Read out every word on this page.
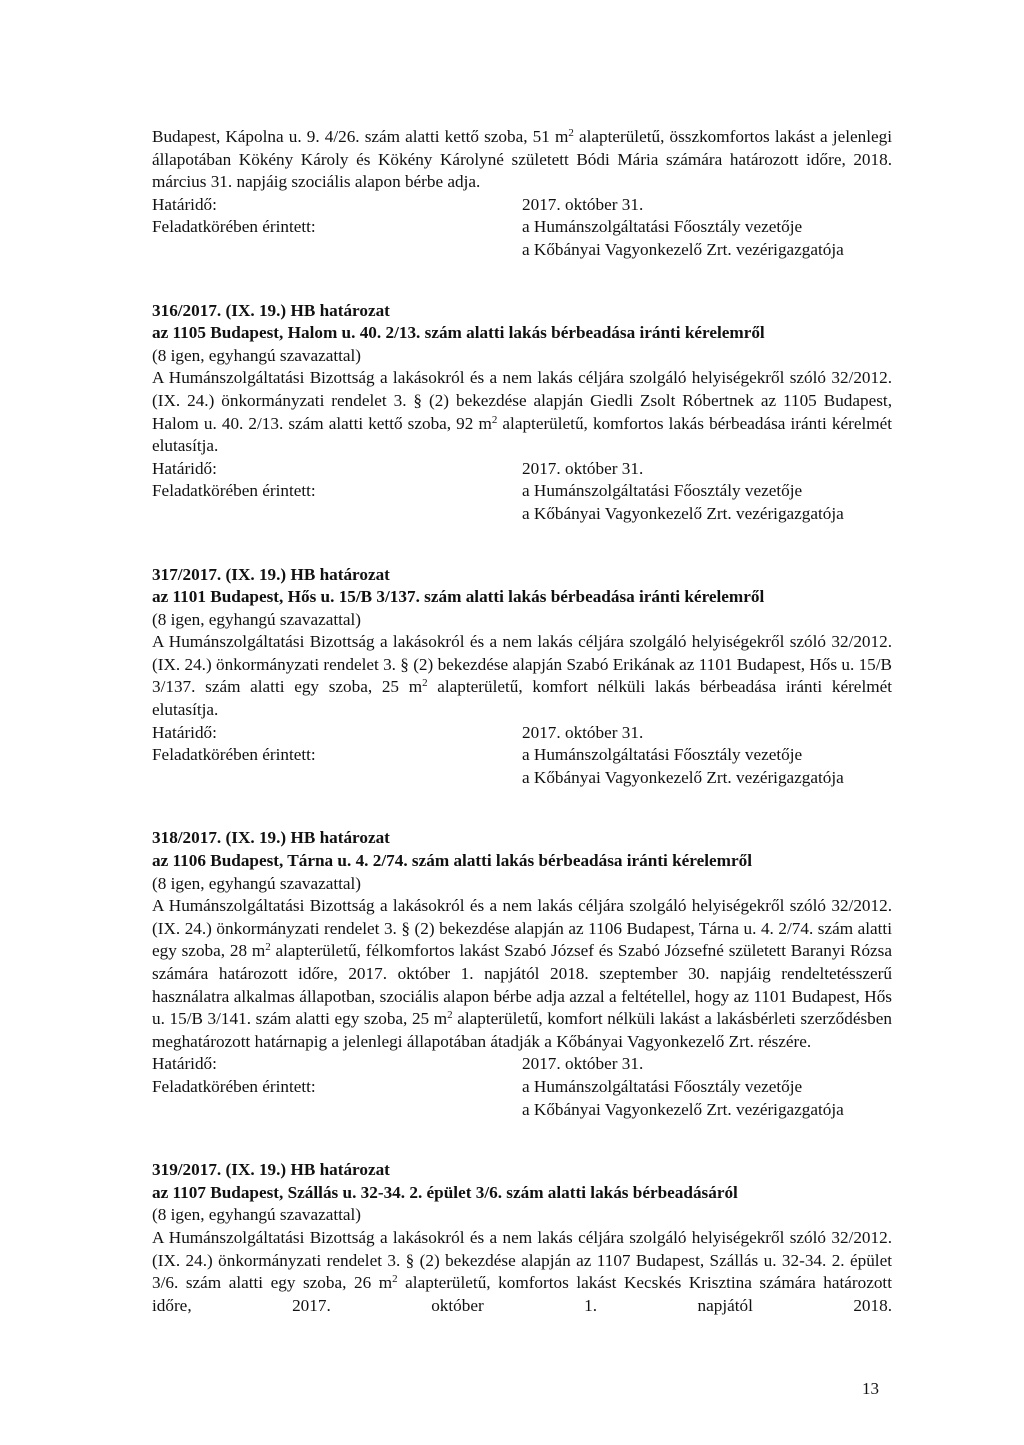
Budapest, Kápolna u. 9. 4/26. szám alatti kettő szoba, 51 $m^2$ alapterületű, összkomfortos lakást a jelenlegi állapotában Kökény Károly és Kökény Károlyné született Bódi Mária számára határozott időre, 2018. március 31. napjáig szociális alapon bérbe adja.

Határidő:	2017. október 31.
Feladatkörében érintett:	a Humánszolgáltatási Főosztály vezetője
a Kőbányai Vagyonkezelő Zrt. vezérigazgatója

316/2017. (IX. 19.) HB határozat

az 1105 Budapest, Halom u. 40. 2/13. szám alatti lakás bérbeadása iránti kérelemről

(8 igen, egyhangú szavazattal)

A Humánszolgáltatási Bizottság a lakásokról és a nem lakás céljára szolgáló helyiségekről szóló 32/2012. (IX. 24.) önkormányzati rendelet 3. § (2) bekezdése alapján Giedli Zsolt Róbertnek az 1105 Budapest, Halom u. 40. 2/13. szám alatti kettő szoba, 92 $m^2$ alapterületű, komfortos lakás bérbeadása iránti kérelmét elutasítja.

Határidő:	2017. október 31.
Feladatkörében érintett:	a Humánszolgáltatási Főosztály vezetője
a Kőbányai Vagyonkezelő Zrt. vezérigazgatója

317/2017. (IX. 19.) HB határozat

az 1101 Budapest, Hős u. 15/B 3/137. szám alatti lakás bérbeadása iránti kérelemről

(8 igen, egyhangú szavazattal)

A Humánszolgáltatási Bizottság a lakásokról és a nem lakás céljára szolgáló helyiségekről szóló 32/2012. (IX. 24.) önkormányzati rendelet 3. § (2) bekezdése alapján Szabó Erikának az 1101 Budapest, Hős u. 15/B 3/137. szám alatti egy szoba, 25 $m^2$ alapterületű, komfort nélküli lakás bérbeadása iránti kérelmét elutasítja.

Határidő:	2017. október 31.
Feladatkörében érintett:	a Humánszolgáltatási Főosztály vezetője
a Kőbányai Vagyonkezelő Zrt. vezérigazgatója

318/2017. (IX. 19.) HB határozat

az 1106 Budapest, Tárna u. 4. 2/74. szám alatti lakás bérbeadása iránti kérelemről

(8 igen, egyhangú szavazattal)

A Humánszolgáltatási Bizottság a lakásokról és a nem lakás céljára szolgáló helyiségekről szóló 32/2012. (IX. 24.) önkormányzati rendelet 3. § (2) bekezdése alapján az 1106 Budapest, Tárna u. 4. 2/74. szám alatti egy szoba, 28 $m^2$ alapterületű, félkomfortos lakást Szabó József és Szabó Józsefné született Baranyi Rózsa számára határozott időre, 2017. október 1. napjától 2018. szeptember 30. napjáig rendeltetésszerű használatra alkalmas állapotban, szociális alapon bérbe adja azzal a feltétellel, hogy az 1101 Budapest, Hős u. 15/B 3/141. szám alatti egy szoba, 25 $m^2$ alapterületű, komfort nélküli lakást a lakásbérleti szerződésben meghatározott határnapig a jelenlegi állapotában átadják a Kőbányai Vagyonkezelő Zrt. részére.

Határidő:	2017. október 31.
Feladatkörében érintett:	a Humánszolgáltatási Főosztály vezetője
a Kőbányai Vagyonkezelő Zrt. vezérigazgatója

319/2017. (IX. 19.) HB határozat

az 1107 Budapest, Szállás u. 32-34. 2. épület 3/6. szám alatti lakás bérbeadásáról

(8 igen, egyhangú szavazattal)

A Humánszolgáltatási Bizottság a lakásokról és a nem lakás céljára szolgáló helyiségekről szóló 32/2012. (IX. 24.) önkormányzati rendelet 3. § (2) bekezdése alapján az 1107 Budapest, Szállás u. 32-34. 2. épület 3/6. szám alatti egy szoba, 26 $m^2$ alapterületű, komfortos lakást Kecskés Krisztina számára határozott időre, 2017. október 1. napjától 2018.

13
